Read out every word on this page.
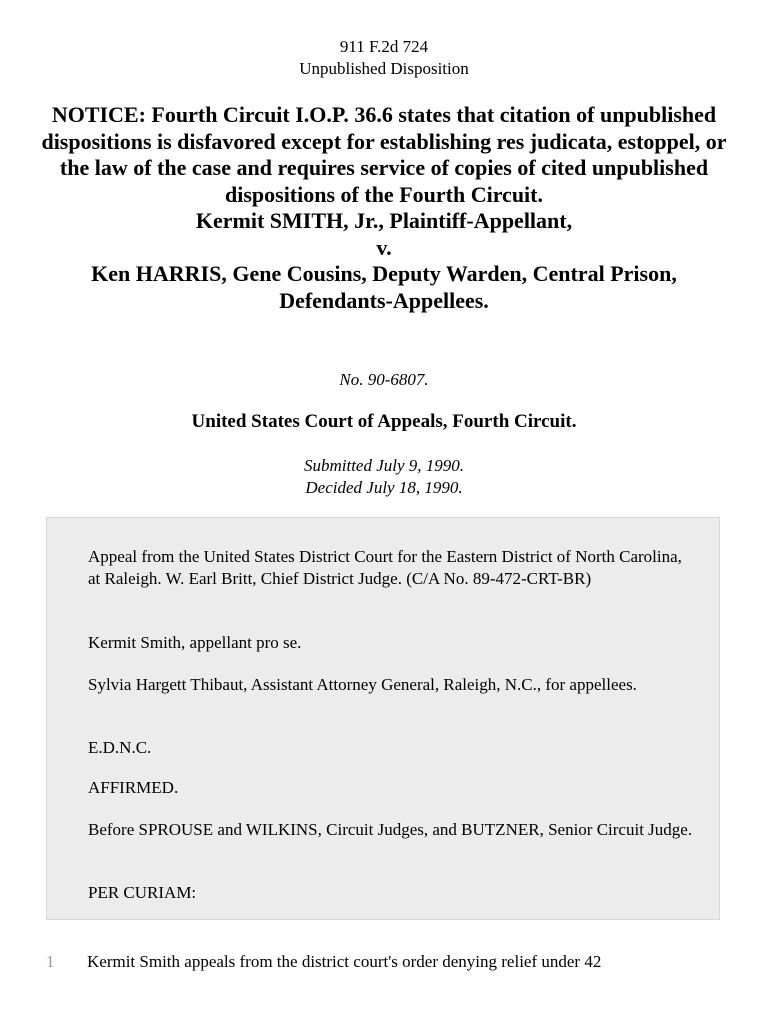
911 F.2d 724
Unpublished Disposition
NOTICE: Fourth Circuit I.O.P. 36.6 states that citation of unpublished dispositions is disfavored except for establishing res judicata, estoppel, or the law of the case and requires service of copies of cited unpublished dispositions of the Fourth Circuit.
Kermit SMITH, Jr., Plaintiff-Appellant,
v.
Ken HARRIS, Gene Cousins, Deputy Warden, Central Prison, Defendants-Appellees.
No. 90-6807.
United States Court of Appeals, Fourth Circuit.
Submitted July 9, 1990.
Decided July 18, 1990.

Appeal from the United States District Court for the Eastern District of North Carolina, at Raleigh. W. Earl Britt, Chief District Judge. (C/A No. 89-472-CRT-BR)

Kermit Smith, appellant pro se.

Sylvia Hargett Thibaut, Assistant Attorney General, Raleigh, N.C., for appellees.

E.D.N.C.

AFFIRMED.

Before SPROUSE and WILKINS, Circuit Judges, and BUTZNER, Senior Circuit Judge.

PER CURIAM:

1 Kermit Smith appeals from the district court's order denying relief under 42
